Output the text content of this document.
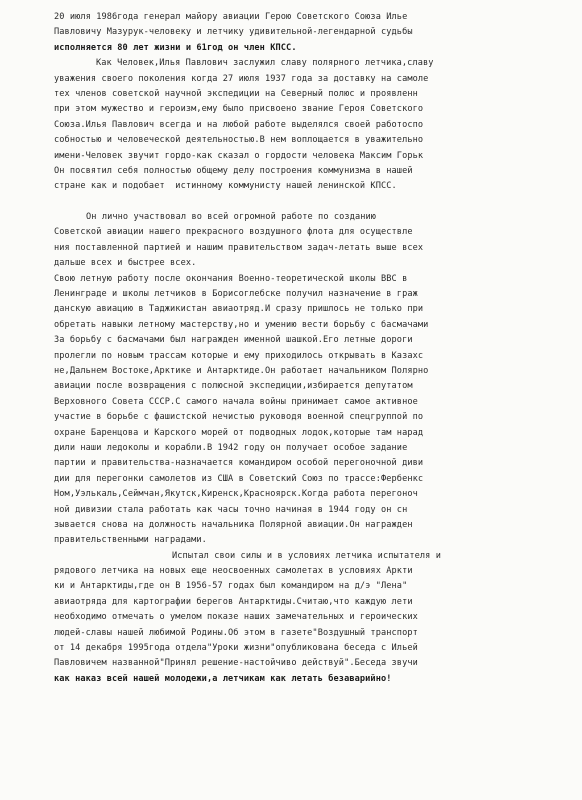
20 июля 1986года генерал майору авиации Герою Советского Союза Илье
Павловичу Мазурук-человеку и летчику удивительной-легендарной судьбы
исполняется 80 лет жизни и 61год он член КПСС.
Как Человек,Илья Павлович заслужил славу полярного летчика,славу
уважения своего поколения когда 27 июля 1937 года за доставку на самоле
тех членов советской научной экспедиции на Северный полюс и проявленн
при этом мужество и героизм,ему было присвоено звание Героя Советского
Союза.Илья Павлович всегда и на любой работе выделялся своей работоспо
собностью и человеческой деятельностью.В нем воплощается в уважительно
имени-Человек звучит гордо-как сказал о гордости человека Максим Горьк
Он посвятил себя полностью общему делу построения коммунизма в нашей
стране как и подобает  истинному коммунисту нашей ленинской КПСС.
Он лично участвовал во всей огромной работе по созданию
Советской авиации нашего прекрасного воздушного флота для осуществле
ния поставленной партией и нашим правительством задач-летать выше всех
дальше всех и быстрее всех.
Свою летную работу после окончания Военно-теоретической школы ВВС в
Ленинграде и школы летчиков в Борисоглебске получил назначение в граж
данскую авиацию в Таджикистан авиаотряд.И сразу пришлось не только при
обретать навыки летному мастерству,но и умению вести борьбу с басмачами
За борьбу с басмачами был награжден именной шашкой.Его летные дороги
пролегли по новым трассам которые и ему приходилось открывать в Казахс
не,Дальнем Востоке,Арктике и Антарктиде.Он работает начальником Полярно
авиации после возвращения с полюсной экспедиции,избирается депутатом
Верховного Совета СССР.С самого начала войны принимает самое активное
участие в борьбе с фашистской нечистью руководя военной спецгруппой по
охране Баренцова и Карского морей от подводных лодок,которые там нарад
дили наши ледоколы и корабли.В 1942 году он получает особое задание
партии и правительства-назначается командиром особой перегоночной диви
дии для перегонки самолетов из США в Советский Союз по трассе:Фербенкс
Ном,Уэлькаль,Сеймчан,Якутск,Киренск,Красноярск.Когда работа перегоноч
ной дивизии стала работать как часы точно начиная в 1944 году он сн
зывается снова на должность начальника Полярной авиации.Он награжден
правительственными наградами.
Испытал свои силы и в условиях летчика испытателя и
рядового летчика на новых еще неосвоенных самолетах в условиях Аркти
ки и Антарктиды,где он В 1956-57 годах был командиром на д/э "Лена"
авиаотряда для картографии берегов Антарктиды.Считаю,что каждую лети
необходимо отмечать о умелом показе наших замечательных и героических
людей-славы нашей любимой Родины.Об этом в газете"Воздушный транспорт
от 14 декабря 1995года отдела"Уроки жизни"опубликована беседа с Ильей
Павловичем названной"Принял решение-настойчиво действуй".Беседа звучи
как наказ всей нашей молодежи,а летчикам как летать безаварийно!
